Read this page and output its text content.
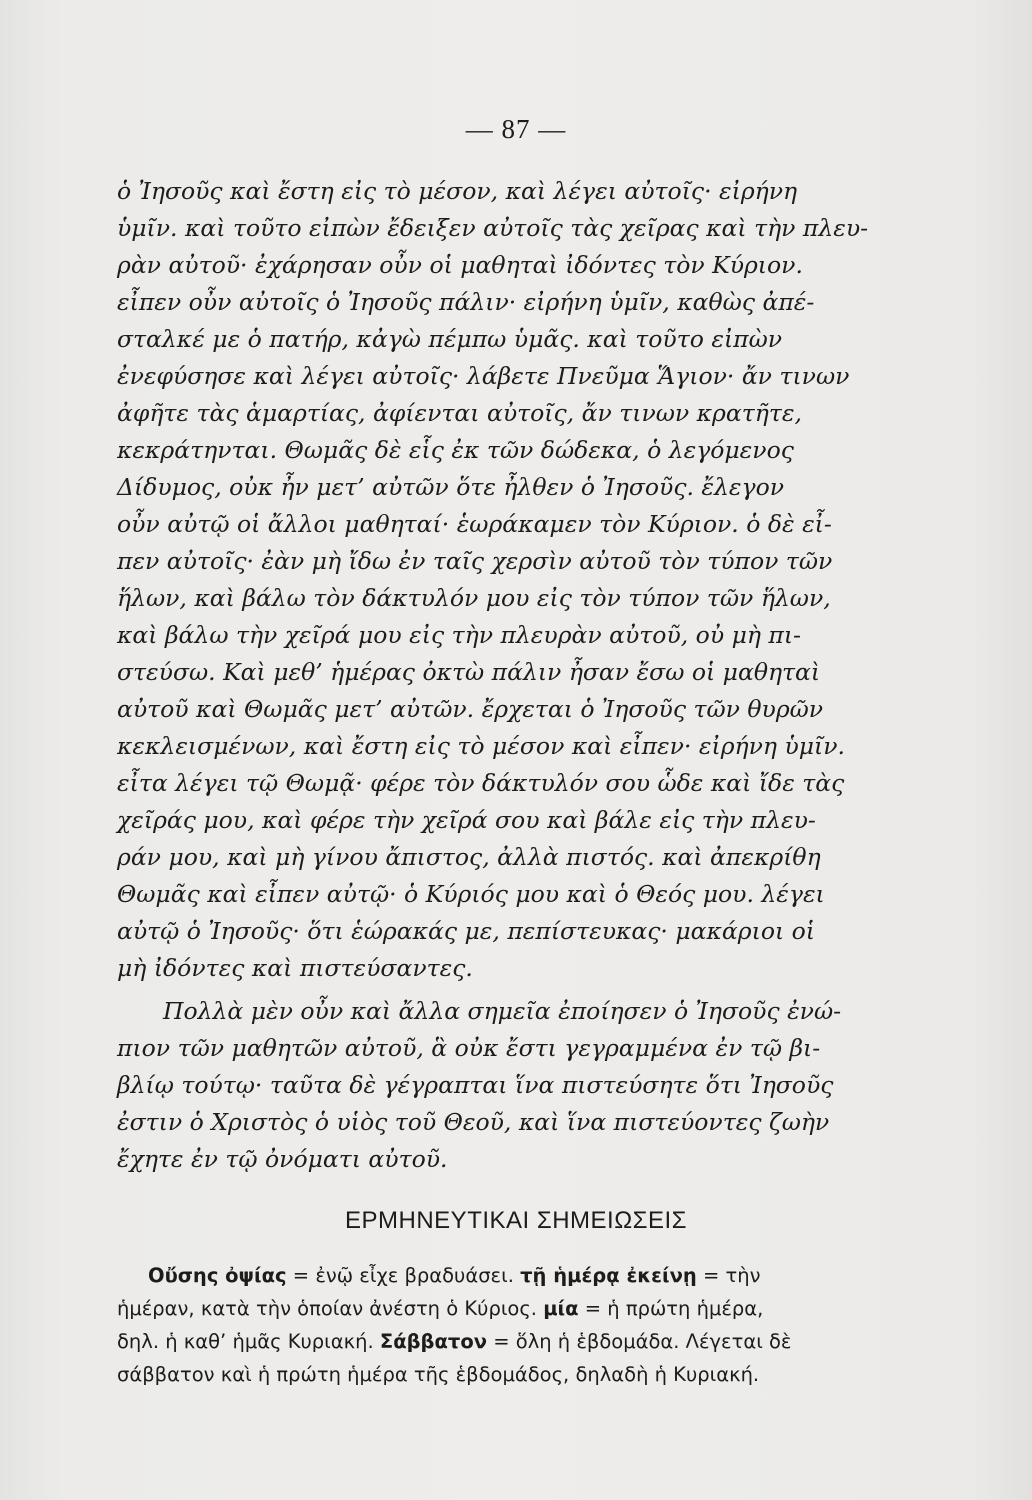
— 87 —

ὁ Ἰησοῦς καὶ ἔστη εἰς τὸ μέσον, καὶ λέγει αὐτοῖς· εἰρήνη

ὑμῖν. καὶ τοῦτο εἰπὼν ἔδειξεν αὐτοῖς τὰς χεῖρας καὶ τὴν πλευ-

ρὰν αὐτοῦ· ἐχάρησαν οὖν οἱ μαθηταὶ ἰδόντες τὸν Κύριον.

εἶπεν οὖν αὐτοῖς ὁ Ἰησοῦς πάλιν· εἰρήνη ὑμῖν, καθὼς ἀπέ-

σταλκέ με ὁ πατήρ, κἀγὼ πέμπω ὑμᾶς. καὶ τοῦτο εἰπὼν

ἐνεφύσησε καὶ λέγει αὐτοῖς· λάβετε Πνεῦμα Ἅγιον· ἄν τινων

ἀφῆτε τὰς ἁμαρτίας, ἀφίενται αὐτοῖς, ἄν τινων κρατῆτε,

κεκράτηνται. Θωμᾶς δὲ εἷς ἐκ τῶν δώδεκα, ὁ λεγόμενος

Δίδυμος, οὐκ ἦν μετ’ αὐτῶν ὅτε ἦλθεν ὁ Ἰησοῦς. ἔλεγον

οὖν αὐτῷ οἱ ἄλλοι μαθηταί· ἑωράκαμεν τὸν Κύριον. ὁ δὲ εἶ-

πεν αὐτοῖς· ἐὰν μὴ ἴδω ἐν ταῖς χερσὶν αὐτοῦ τὸν τύπον τῶν

ἥλων, καὶ βάλω τὸν δάκτυλόν μου εἰς τὸν τύπον τῶν ἥλων,

καὶ βάλω τὴν χεῖρά μου εἰς τὴν πλευρὰν αὐτοῦ, οὐ μὴ πι-

στεύσω. Καὶ μεθ’ ἡμέρας ὀκτὼ πάλιν ἦσαν ἔσω οἱ μαθηταὶ

αὐτοῦ καὶ Θωμᾶς μετ’ αὐτῶν. ἔρχεται ὁ Ἰησοῦς τῶν θυρῶν

κεκλεισμένων, καὶ ἔστη εἰς τὸ μέσον καὶ εἶπεν· εἰρήνη ὑμῖν.

εἶτα λέγει τῷ Θωμᾷ· φέρε τὸν δάκτυλόν σου ὧδε καὶ ἴδε τὰς

χεῖράς μου, καὶ φέρε τὴν χεῖρά σου καὶ βάλε εἰς τὴν πλευ-

ράν μου, καὶ μὴ γίνου ἄπιστος, ἀλλὰ πιστός. καὶ ἀπεκρίθη

Θωμᾶς καὶ εἶπεν αὐτῷ· ὁ Κύριός μου καὶ ὁ Θεός μου. λέγει

αὐτῷ ὁ Ἰησοῦς· ὅτι ἑώρακάς με, πεπίστευκας· μακάριοι οἱ

μὴ ἰδόντες καὶ πιστεύσαντες.

Πολλὰ μὲν οὖν καὶ ἄλλα σημεῖα ἐποίησεν ὁ Ἰησοῦς ἐνώ-

πιον τῶν μαθητῶν αὐτοῦ, ἃ οὐκ ἔστι γεγραμμένα ἐν τῷ βι-

βλίῳ τούτῳ· ταῦτα δὲ γέγραπται ἵνα πιστεύσητε ὅτι Ἰησοῦς

ἐστιν ὁ Χριστὸς ὁ υἱὸς τοῦ Θεοῦ, καὶ ἵνα πιστεύοντες ζωὴν

ἔχητε ἐν τῷ ὀνόματι αὐτοῦ.

ΕΡΜΗΝΕΥΤΙΚΑΙ ΣΗΜΕΙΩΣΕΙΣ

Οὔσης ὀψίας = ἐνῷ εἶχε βραδυάσει. τῇ ἡμέρᾳ ἐκείνῃ = τὴν

ἡμέραν, κατὰ τὴν ὁποίαν ἀνέστη ὁ Κύριος. μία = ἡ πρώτη ἡμέρα,

δηλ. ἡ καθ’ ἡμᾶς Κυριακή. Σάββατον = ὅλη ἡ ἑβδομάδα. Λέγεται δὲ

σάββατον καὶ ἡ πρώτη ἡμέρα τῆς ἑβδομάδος, δηλαδὴ ἡ Κυριακή.
